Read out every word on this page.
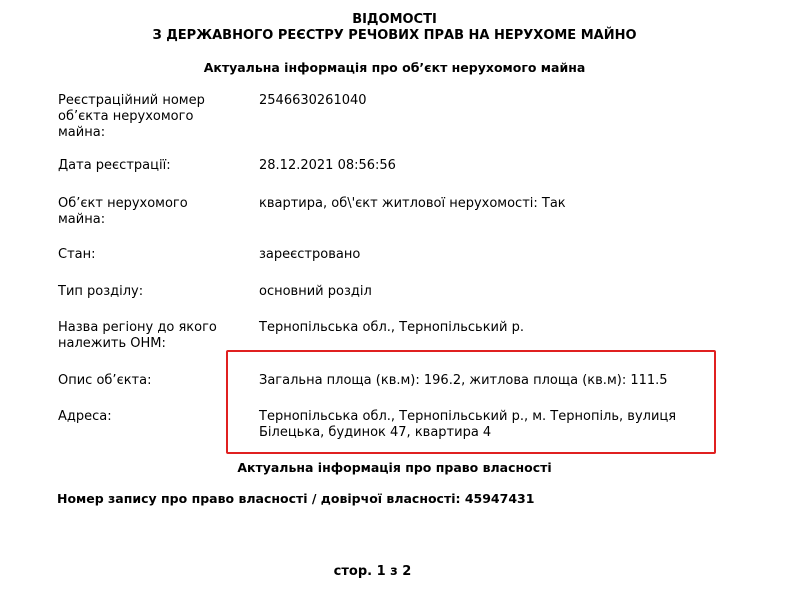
ВІДОМОСТІ
З ДЕРЖАВНОГО РЕЄСТРУ РЕЧОВИХ ПРАВ НА НЕРУХОМЕ МАЙНО
Актуальна інформація про об’єкт нерухомого майна
Реєстраційний номер об’єкта нерухомого майна:
2546630261040
Дата реєстрації:	28.12.2021 08:56:56
Об’єкт нерухомого майна:
квартира, об\'єкт житлової нерухомості: Так
Стан:	зареєстровано
Тип розділу:	основний розділ
Назва регіону до якого належить ОНМ:
Тернопільська обл., Тернопільський р.
Опис об’єкта:	Загальна площа (кв.м): 196.2, житлова площа (кв.м): 111.5
Адреса:	Тернопільська обл., Тернопільський р., м. Тернопіль, вулиця Білецька, будинок 47, квартира 4
Актуальна інформація про право власності
Номер запису про право власності / довірчої власності: 45947431
стор. 1 з 2
